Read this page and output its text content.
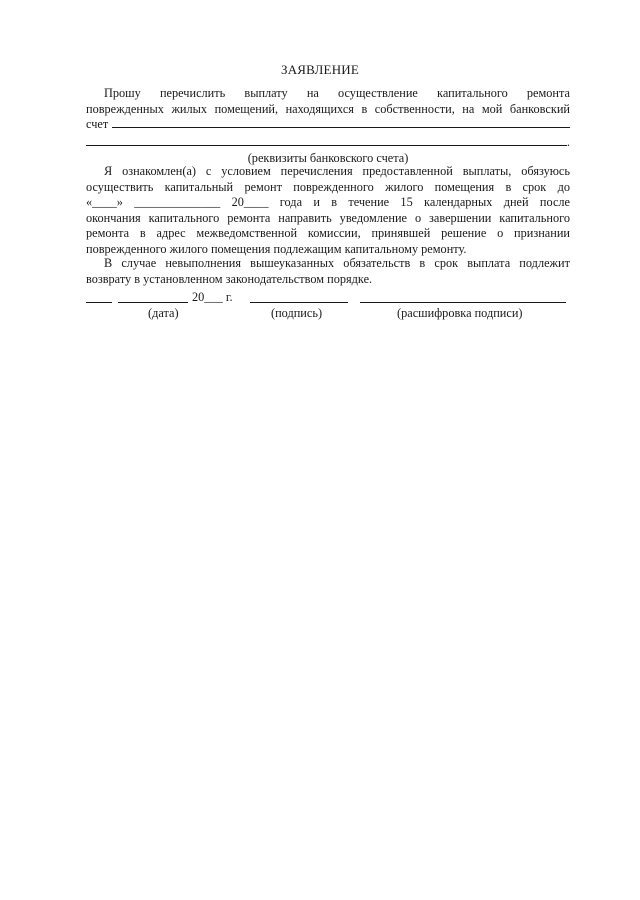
ЗАЯВЛЕНИЕ
Прошу перечислить выплату на осуществление капитального ремонта
поврежденных жилых помещений, находящихся в собственности, на мой банковский
счет
.
(реквизиты банковского счета)
Я ознакомлен(а) с условием перечисления предоставленной выплаты, обязуюсь
осуществить капитальный ремонт поврежденного жилого помещения в срок до
«____» ______________ 20____ года и в течение 15 календарных дней после
окончания капитального ремонта направить уведомление о завершении капитального
ремонта в адрес межведомственной комиссии, принявшей решение о признании
поврежденного жилого помещения подлежащим капитальному ремонту.
В случае невыполнения вышеуказанных обязательств в срок выплата подлежит
возврату в установленном законодательством порядке.
20___ г.
(дата)	(подпись)	(расшифровка подписи)
